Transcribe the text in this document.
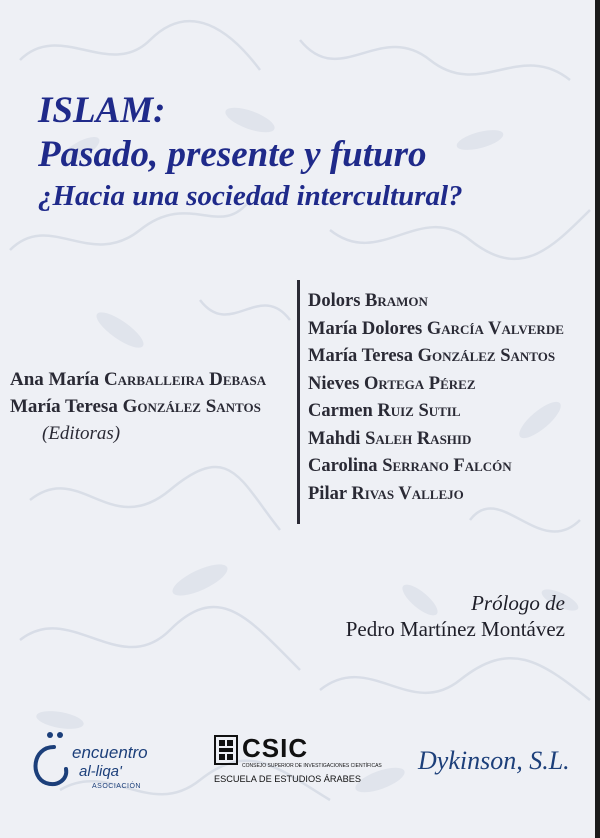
ISLAM:
Pasado, presente y futuro
¿Hacia una sociedad intercultural?
Ana María Carballeira Debasa
María Teresa González Santos
(Editoras)
Dolors Bramon
María Dolores García Valverde
María Teresa González Santos
Nieves Ortega Pérez
Carmen Ruiz Sutil
Mahdi Saleh Rashid
Carolina Serrano Falcón
Pilar Rivas Vallejo
Prólogo de
Pedro Martínez Montávez
encuentro
al-liqa'
ASOCIACIÓN
CSIC
CONSEJO SUPERIOR DE INVESTIGACIONES CIENTÍFICAS
ESCUELA DE ESTUDIOS ÁRABES
Dykinson, S.L.
